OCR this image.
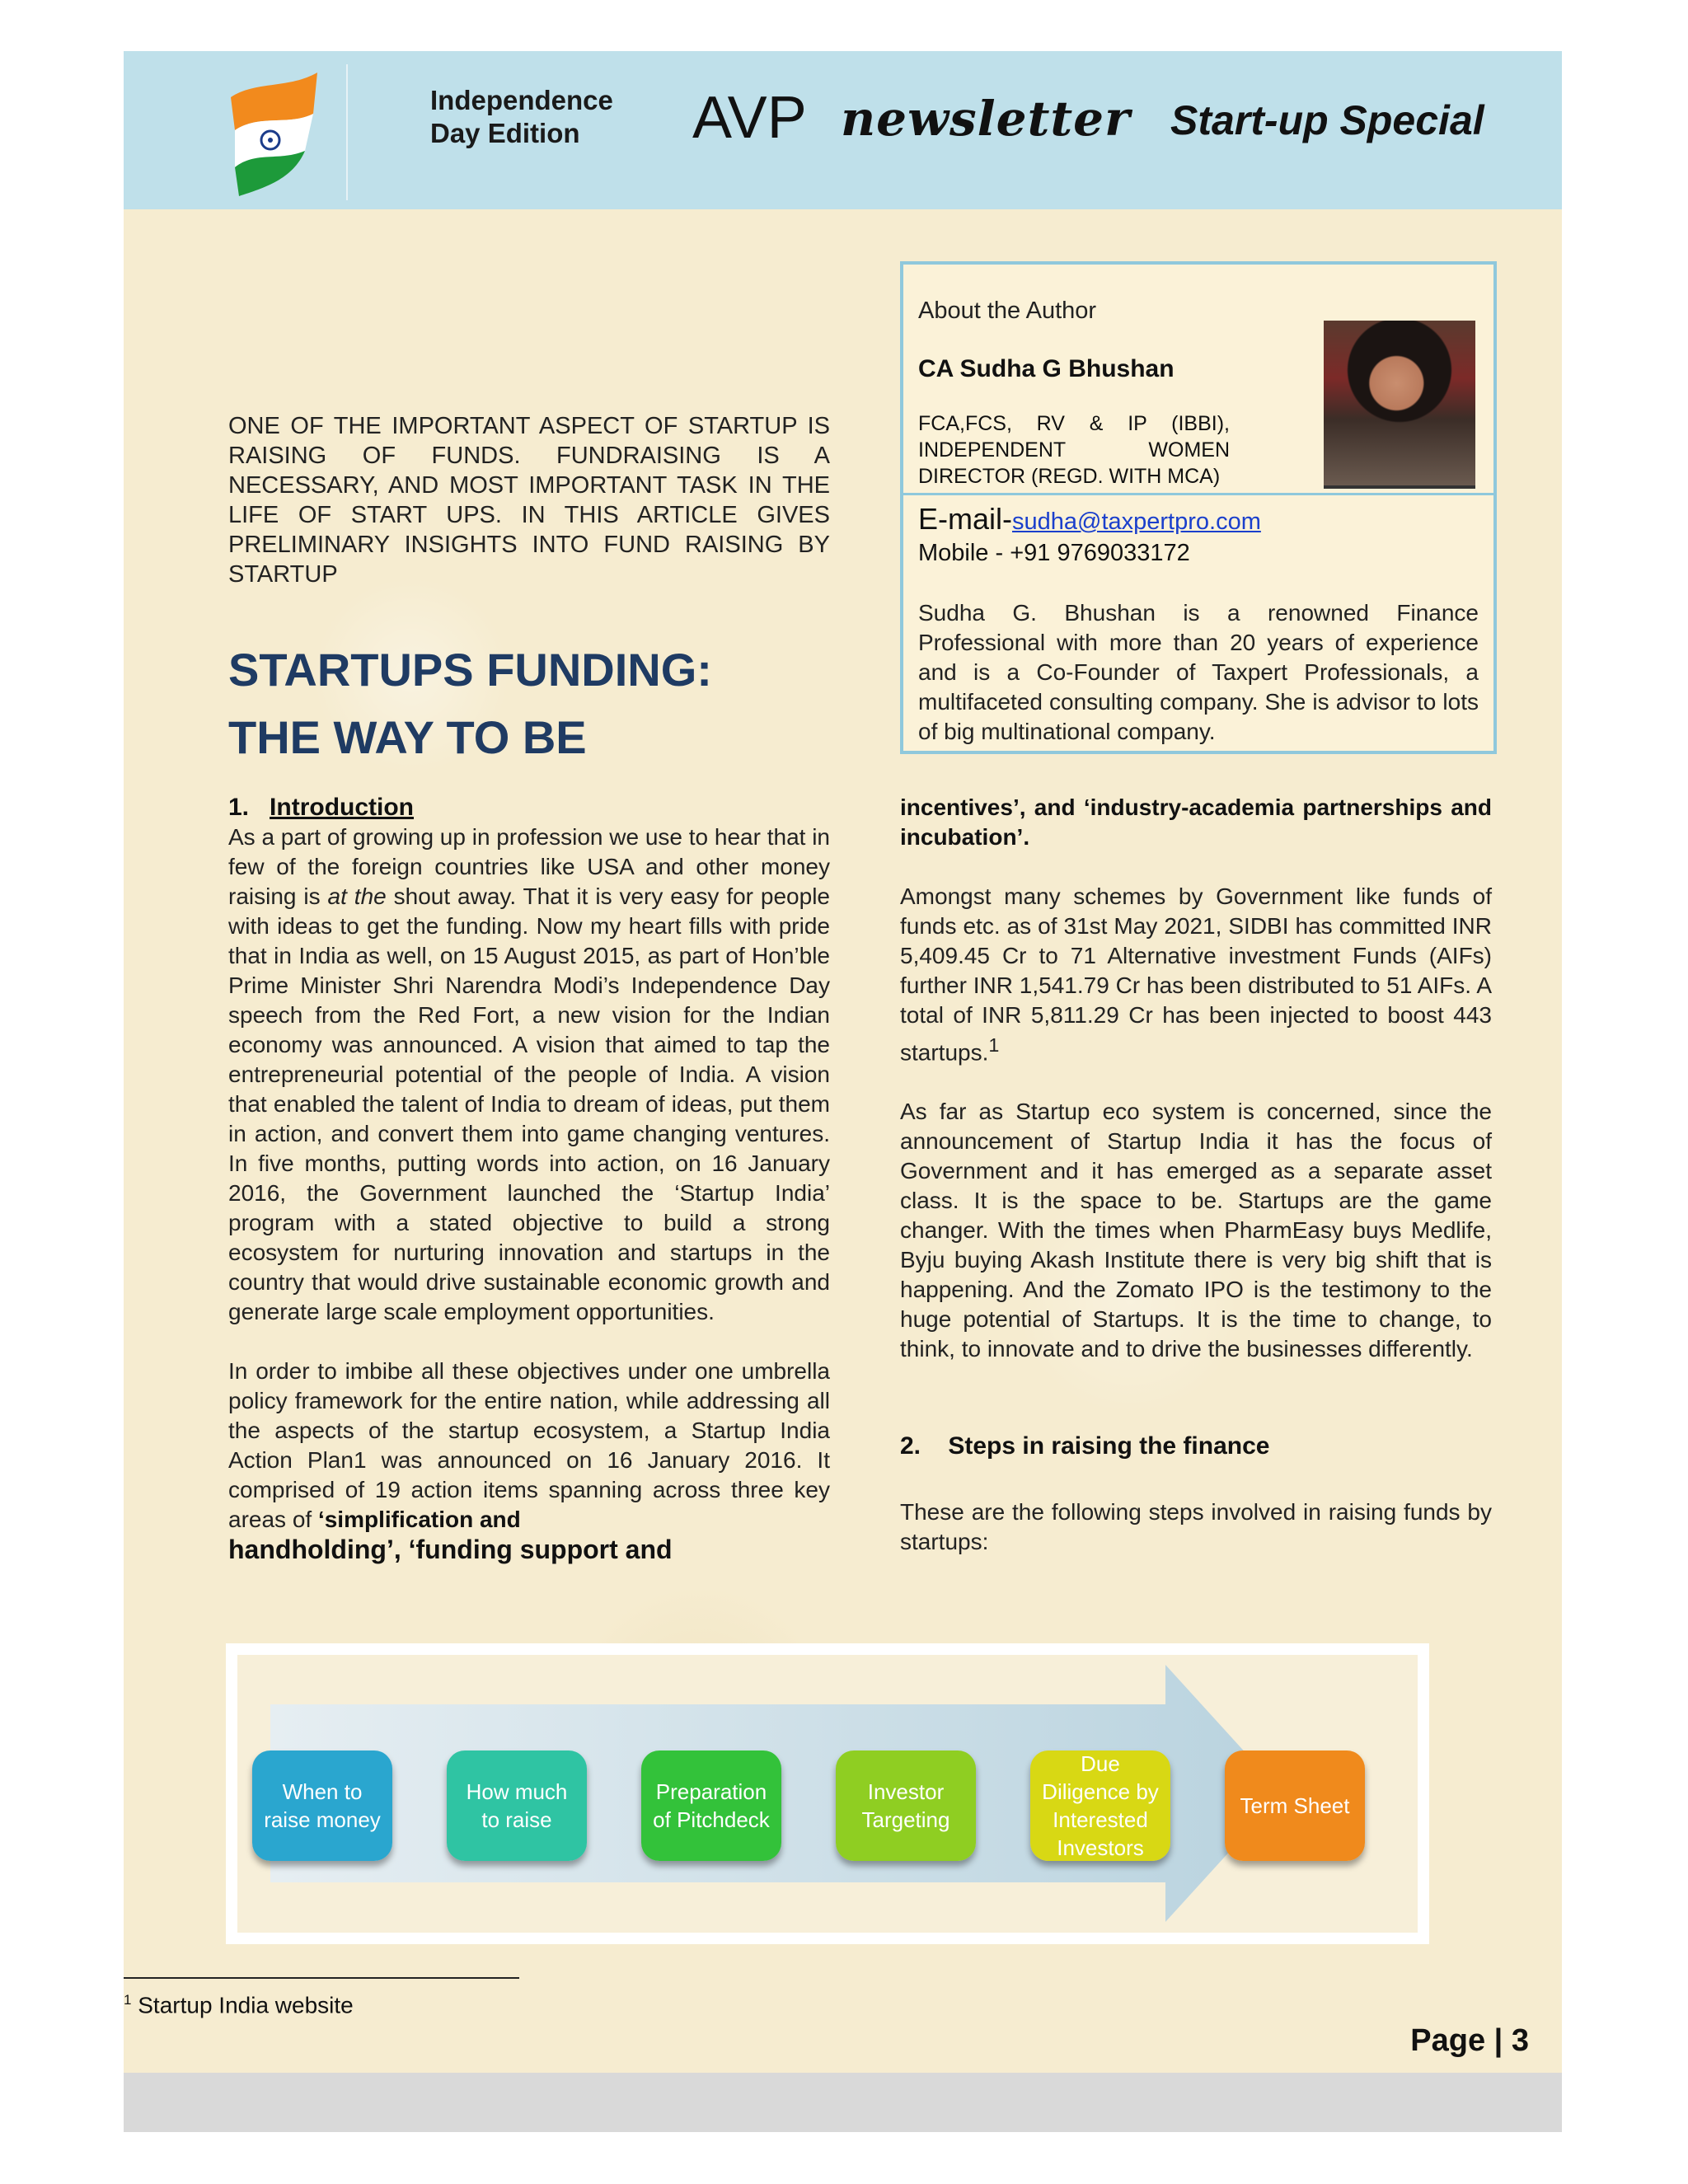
Independence
Day Edition	AVP newsletter Start-up Special
ONE OF THE IMPORTANT ASPECT OF STARTUP IS RAISING OF FUNDS. FUNDRAISING IS A NECESSARY, AND MOST IMPORTANT TASK IN THE LIFE OF START UPS. IN THIS ARTICLE GIVES PRELIMINARY INSIGHTS INTO FUND RAISING BY STARTUP
STARTUPS FUNDING:
THE WAY TO BE
About the Author
CA Sudha G Bhushan
FCA,FCS, RV & IP (IBBI), INDEPENDENT WOMEN DIRECTOR (REGD. WITH MCA)
E-mail-sudha@taxpertpro.com
Mobile - +91 9769033172
Sudha G. Bhushan is a renowned Finance Professional with more than 20 years of experience and is a Co-Founder of Taxpert Professionals, a multifaceted consulting company. She is advisor to lots of big multinational company.
1. Introduction

As a part of growing up in profession we use to hear that in few of the foreign countries like USA and other money raising is at the shout away. That it is very easy for people with ideas to get the funding. Now my heart fills with pride that in India as well, on 15 August 2015, as part of Hon’ble Prime Minister Shri Narendra Modi’s Independence Day speech from the Red Fort, a new vision for the Indian economy was announced. A vision that aimed to tap the entrepreneurial potential of the people of India. A vision that enabled the talent of India to dream of ideas, put them in action, and convert them into game changing ventures. In five months, putting words into action, on 16 January 2016, the Government launched the ‘Startup India’ program with a stated objective to build a strong ecosystem for nurturing innovation and startups in the country that would drive sustainable economic growth and generate large scale employment opportunities.

In order to imbibe all these objectives under one umbrella policy framework for the entire nation, while addressing all the aspects of the startup ecosystem, a Startup India Action Plan1 was announced on 16 January 2016. It comprised of 19 action items spanning across three key areas of ‘simplification and
handholding’, ‘funding support and

incentives’, and ‘industry-academia partnerships and incubation’.

Amongst many schemes by Government like funds of funds etc. as of 31st May 2021, SIDBI has committed INR 5,409.45 Cr to 71 Alternative investment Funds (AIFs) further INR 1,541.79 Cr has been distributed to 51 AIFs. A total of INR 5,811.29 Cr has been injected to boost 443 startups.$^1$

As far as Startup eco system is concerned, since the announcement of Startup India it has the focus of Government and it has emerged as a separate asset class. It is the space to be. Startups are the game changer. With the times when PharmEasy buys Medlife, Byju buying Akash Institute there is very big shift that is happening. And the Zomato IPO is the testimony to the huge potential of Startups. It is the time to change, to think, to innovate and to drive the businesses differently.

2. Steps in raising the finance

These are the following steps involved in raising funds by startups:

When to raise money
How much to raise
Preparation of Pitchdeck
Investor Targeting
Due Diligence by Interested Investors
Term Sheet
$^1$ Startup India website
Page | 3
